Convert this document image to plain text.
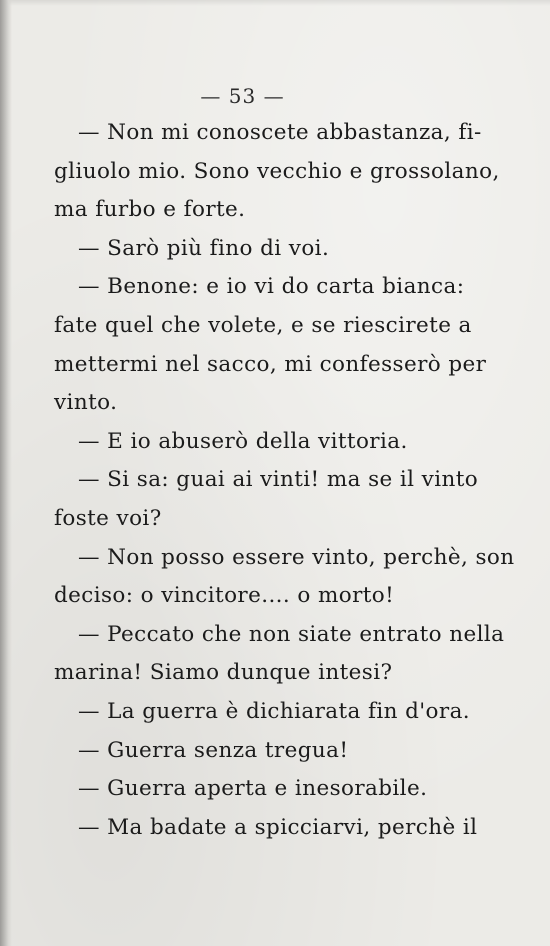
— 53 —
— Non mi conoscete abbastanza, fi-
gliuolo mio. Sono vecchio e grossolano,
ma furbo e forte.
— Sarò più fino di voi.
— Benone: e io vi do carta bianca:
fate quel che volete, e se riescirete a
mettermi nel sacco, mi confesserò per
vinto.
— E io abuserò della vittoria.
— Si sa: guai ai vinti! ma se il vinto
foste voi?
— Non posso essere vinto, perchè, son
deciso: o vincitore.... o morto!
— Peccato che non siate entrato nella
marina! Siamo dunque intesi?
— La guerra è dichiarata fin d'ora.
— Guerra senza tregua!
— Guerra aperta e inesorabile.
— Ma badate a spicciarvi, perchè il
